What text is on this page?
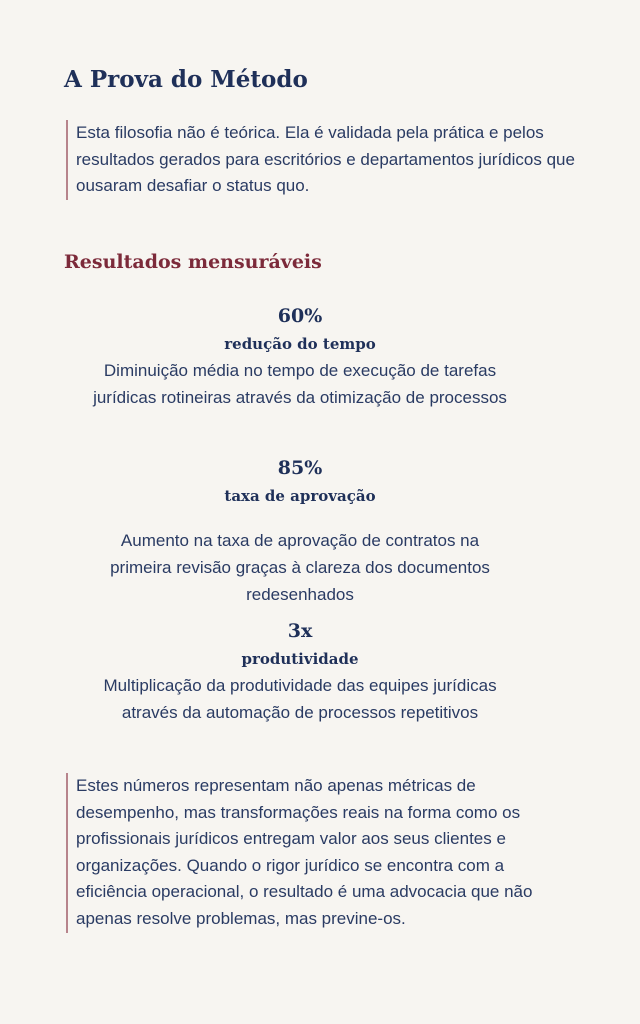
A Prova do Método
Esta filosofia não é teórica. Ela é validada pela prática e pelos resultados gerados para escritórios e departamentos jurídicos que ousaram desafiar o status quo.
Resultados mensuráveis
60%
redução do tempo
Diminuição média no tempo de execução de tarefas jurídicas rotineiras através da otimização de processos
85%
taxa de aprovação
Aumento na taxa de aprovação de contratos na primeira revisão graças à clareza dos documentos redesenhados
3x
produtividade
Multiplicação da produtividade das equipes jurídicas através da automação de processos repetitivos
Estes números representam não apenas métricas de desempenho, mas transformações reais na forma como os profissionais jurídicos entregam valor aos seus clientes e organizações. Quando o rigor jurídico se encontra com a eficiência operacional, o resultado é uma advocacia que não apenas resolve problemas, mas previne-os.
